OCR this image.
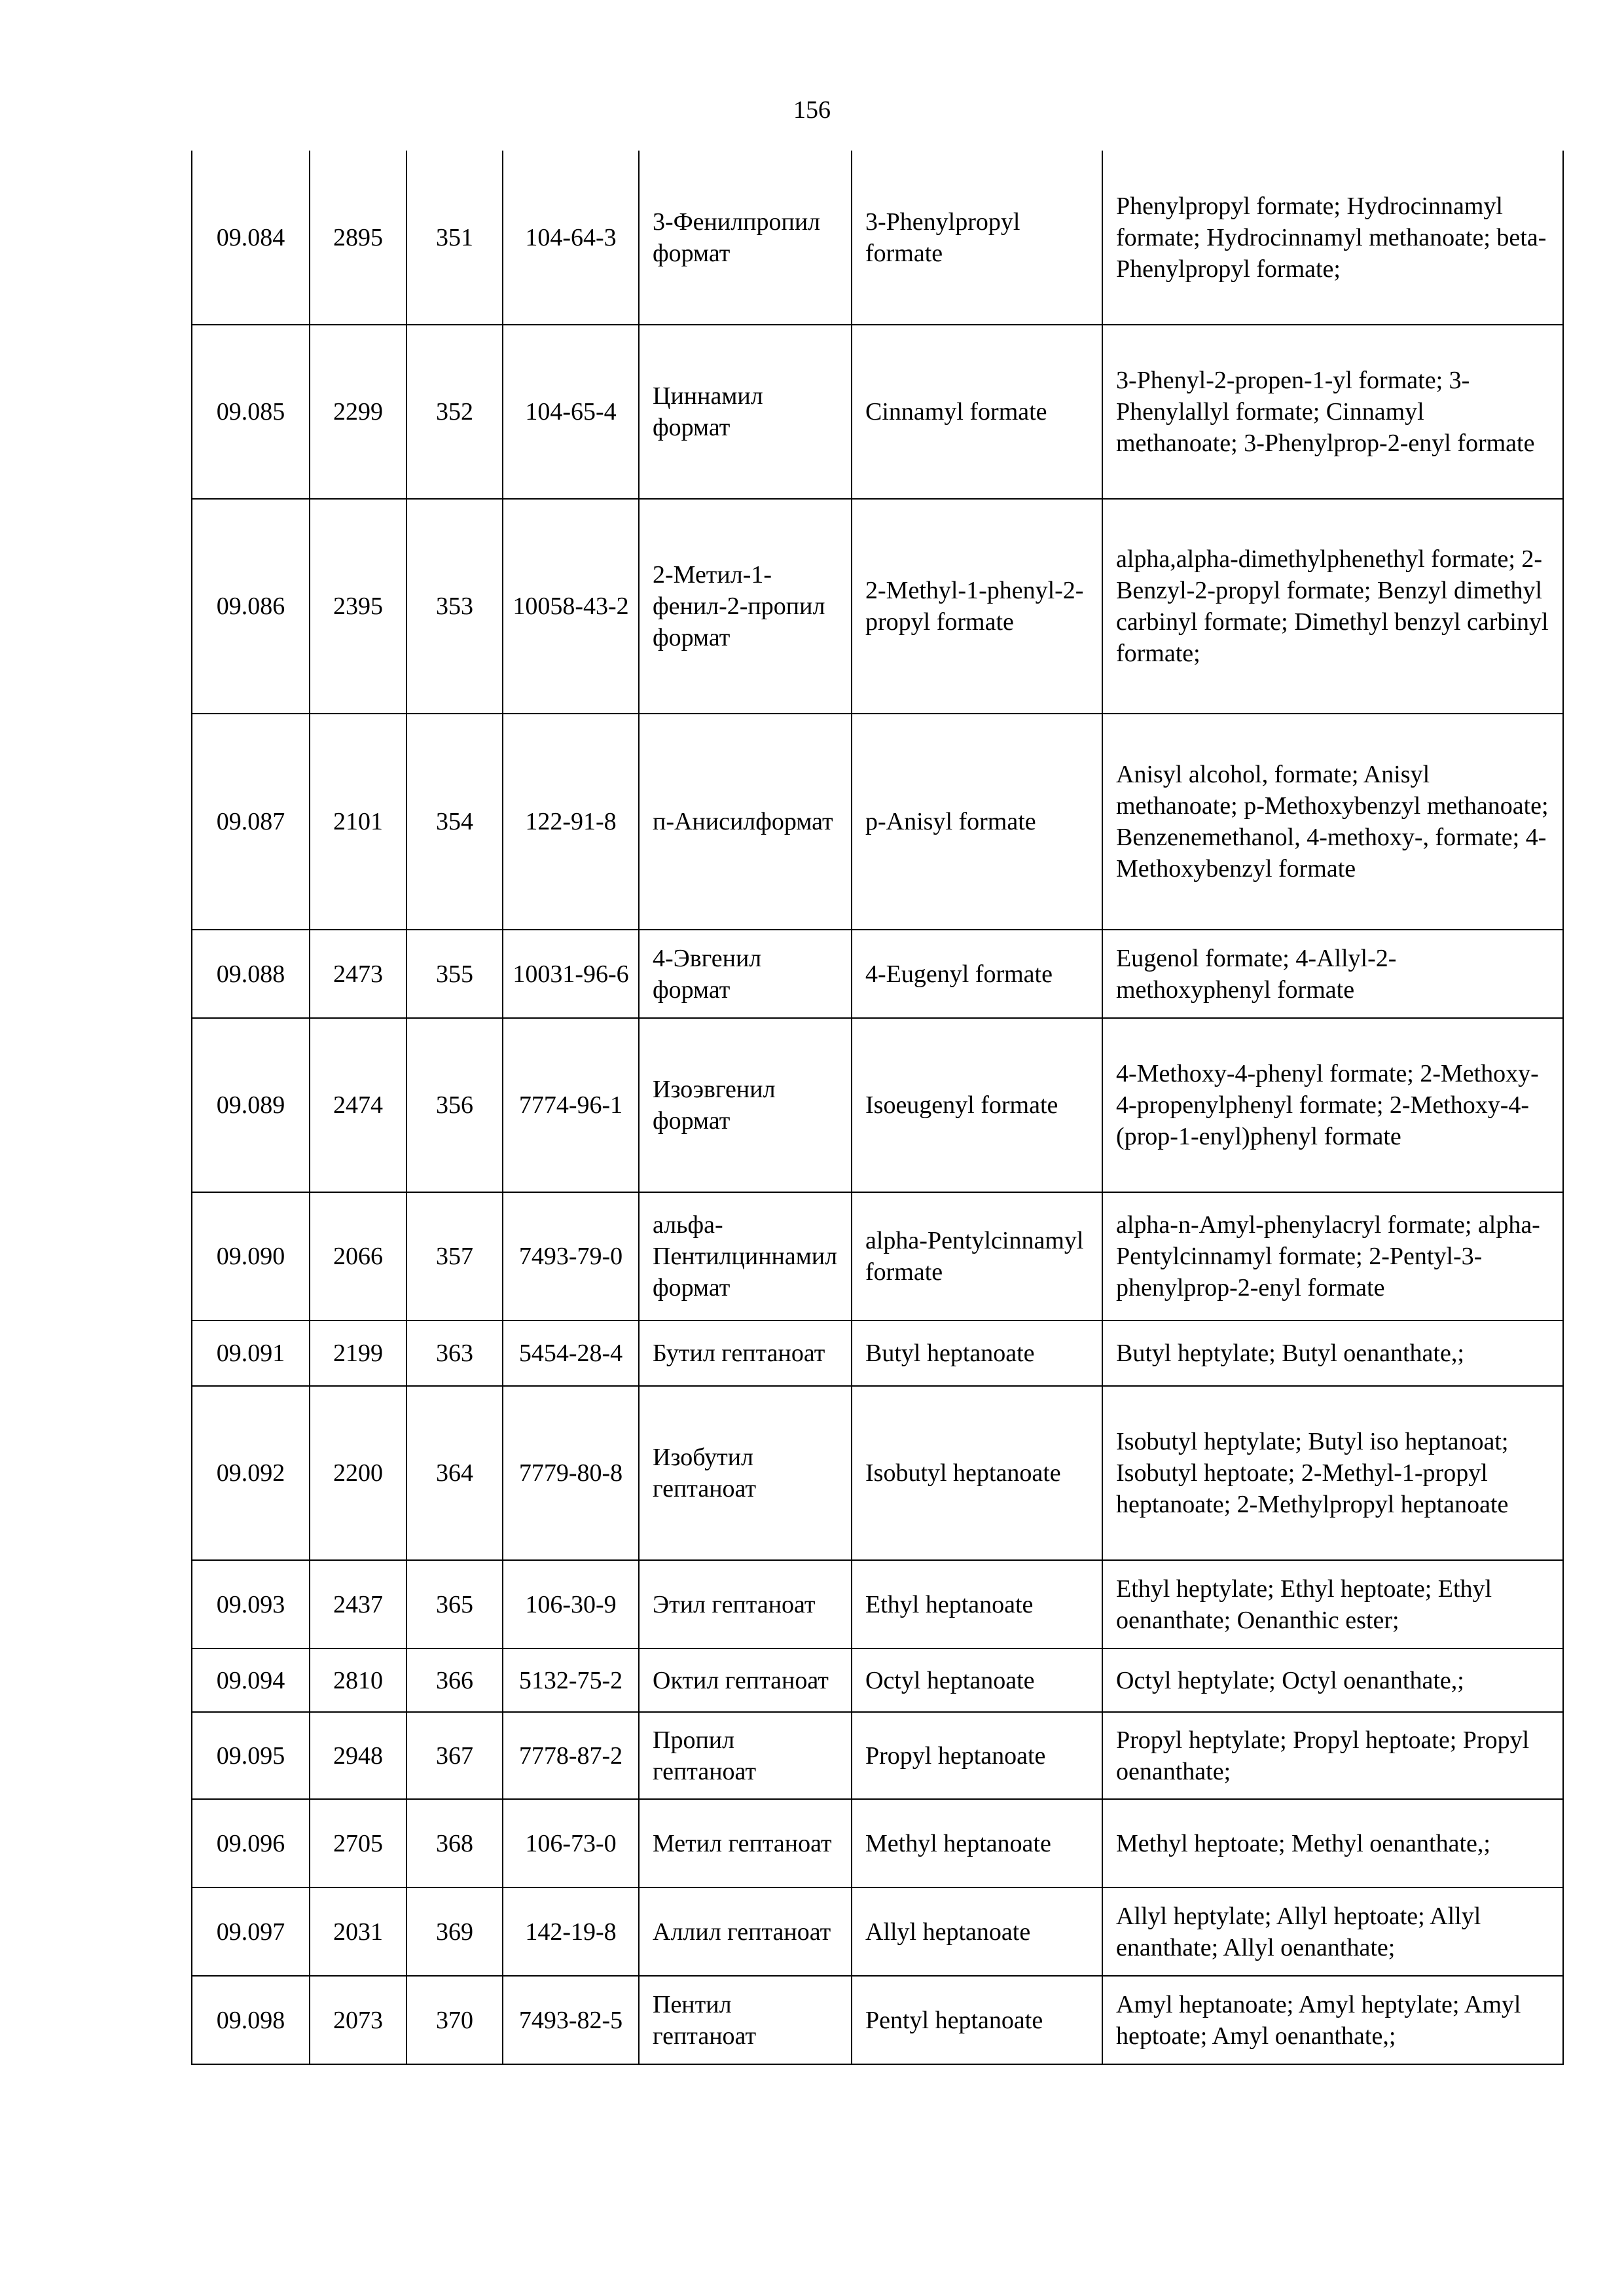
156
09.084	2895	351	104-64-3	3-Фенилпропил формат	3-Phenylpropyl formate	Phenylpropyl formate; Hydrocinnamyl formate; Hydrocinnamyl methanoate; beta-Phenylpropyl formate;
09.085	2299	352	104-65-4	Циннамил формат	Cinnamyl formate	3-Phenyl-2-propen-1-yl formate; 3-Phenylallyl formate; Cinnamyl methanoate; 3-Phenylprop-2-enyl formate
09.086	2395	353	10058-43-2	2-Метил-1-фенил-2-пропил формат	2-Methyl-1-phenyl-2-propyl formate	alpha,alpha-dimethylphenethyl formate; 2-Benzyl-2-propyl formate; Benzyl dimethyl carbinyl formate; Dimethyl benzyl carbinyl formate;
09.087	2101	354	122-91-8	п-Анисилформат	p-Anisyl formate	Anisyl alcohol, formate; Anisyl methanoate; p-Methoxybenzyl methanoate; Benzenemethanol, 4-methoxy-, formate; 4-Methoxybenzyl formate
09.088	2473	355	10031-96-6	4-Эвгенил формат	4-Eugenyl formate	Eugenol formate; 4-Allyl-2-methoxyphenyl formate
09.089	2474	356	7774-96-1	Изоэвгенил формат	Isoeugenyl formate	4-Methoxy-4-phenyl formate; 2-Methoxy-4-propenylphenyl formate; 2-Methoxy-4-(prop-1-enyl)phenyl formate
09.090	2066	357	7493-79-0	альфа-Пентилциннамил формат	alpha-Pentylcinnamyl formate	alpha-n-Amyl-phenylacryl formate; alpha-Pentylcinnamyl formate; 2-Pentyl-3-phenylprop-2-enyl formate
09.091	2199	363	5454-28-4	Бутил гептаноат	Butyl heptanoate	Butyl heptylate; Butyl oenanthate,;
09.092	2200	364	7779-80-8	Изобутил гептаноат	Isobutyl heptanoate	Isobutyl heptylate; Butyl iso heptanoat; Isobutyl heptoate; 2-Methyl-1-propyl heptanoate; 2-Methylpropyl heptanoate
09.093	2437	365	106-30-9	Этил гептаноат	Ethyl heptanoate	Ethyl heptylate; Ethyl heptoate; Ethyl oenanthate; Oenanthic ester;
09.094	2810	366	5132-75-2	Октил гептаноат	Octyl heptanoate	Octyl heptylate; Octyl oenanthate,;
09.095	2948	367	7778-87-2	Пропил гептаноат	Propyl heptanoate	Propyl heptylate; Propyl heptoate; Propyl oenanthate;
09.096	2705	368	106-73-0	Метил гептаноат	Methyl heptanoate	Methyl heptoate; Methyl oenanthate,;
09.097	2031	369	142-19-8	Аллил гептаноат	Allyl heptanoate	Allyl heptylate; Allyl heptoate; Allyl enanthate; Allyl oenanthate;
09.098	2073	370	7493-82-5	Пентил гептаноат	Pentyl heptanoate	Amyl heptanoate; Amyl heptylate; Amyl heptoate; Amyl oenanthate,;
